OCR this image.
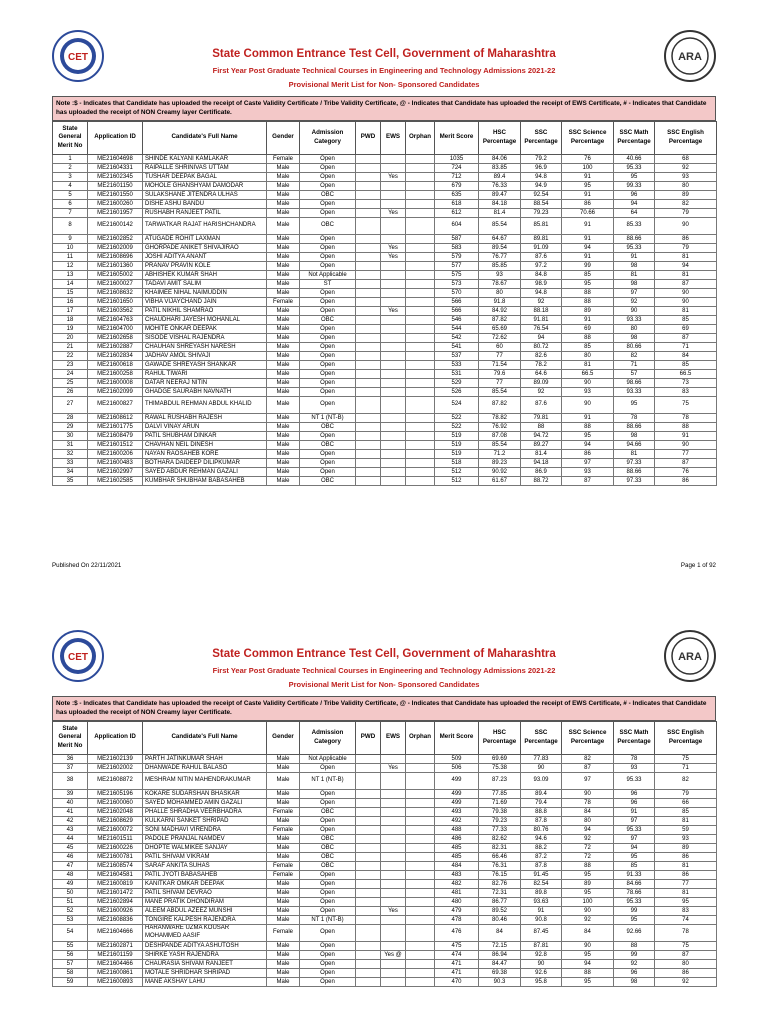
CET	State Common Entrance Test Cell, Government of Maharashtra
First Year Post Graduate Technical Courses in Engineering and Technology Admissions 2021-22
Provisional Merit List for Non- Sponsored Candidates
ARA
Note :$ - Indicates that Candidate has uploaded the receipt of Caste Validity Certificate / Tribe Validity Certificate, @ - Indicates that Candidate has uploaded the receipt of EWS Certificate, # - Indicates that Candidate has uploaded the receipt of NON Creamy layer Certificate.
State General Merit No	Application ID	Candidate's Full Name	Gender	Admission Category	PWD	EWS	Orphan	Merit Score	HSC Percentage	SSC Percentage	SSC Science Percentage	SSC Math Percentage	SSC English Percentage
1	ME21604698	SHINDE KALYANI KAMLAKAR	Female	Open				1035	84.06	79.2	76	40.66	68
2	ME21604331	RAIPALLE SHRINIVAS UTTAM	Male	Open				724	83.85	96.9	100	95.33	92
3	ME21602345	TUSHAR DEEPAK BAGAL	Male	Open		Yes		712	89.4	94.8	91	95	93
4	ME21601150	MOHOLE GHANSHYAM DAMODAR	Male	Open				679	76.33	94.9	95	99.33	80
5	ME21601550	SULAKSHANE JITENDRA ULHAS	Male	OBC				635	89.47	92.54	91	96	89
6	ME21600260	DISHE ASHU BANDU	Male	Open				618	84.18	88.54	86	94	82
7	ME21601957	RUSHABH RANJEET PATIL	Male	Open		Yes		612	81.4	79.23	70.66	64	79
8	ME21600142	TARWATKAR RAJAT HARISHCHANDRA	Male	OBC				604	85.54	85.81	91	85.33	90
9	ME21602852	ATUGADE ROHIT LAXMAN	Male	Open				587	64.67	89.81	91	88.66	86
10	ME21602009	GHORPADE ANIKET SHIVAJIRAO	Male	Open		Yes		583	89.54	91.09	94	95.33	79
11	ME21608696	JOSHI ADITYA ANANT	Male	Open		Yes		579	76.77	87.6	91	91	81
12	ME21601360	PRANAV PRAVIN KOLE	Male	Open				577	85.85	97.2	99	98	94
13	ME21605002	ABHISHEK KUMAR SHAH	Male	Not Applicable				575	93	84.8	85	81	81
14	ME21600027	TADAVI AMIT SALIM	Male	ST				573	78.67	98.9	95	98	87
15	ME21608632	KHAIMEE NIHAL NAIMUDDIN	Male	Open				570	80	94.8	88	97	90
16	ME21601650	VIBHA VIJAYCHAND JAIN	Female	Open				566	91.8	92	88	92	90
17	ME21603562	PATIL NIKHIL SHAMRAO	Male	Open		Yes		566	84.92	88.18	89	90	81
18	ME21604763	CHAUDHARI JAYESH MOHANLAL	Male	OBC				546	87.82	91.81	91	93.33	85
19	ME21604700	MOHITE ONKAR DEEPAK	Male	Open				544	65.69	76.54	69	80	69
20	ME21602658	SISODE VISHAL RAJENDRA	Male	Open				542	72.62	94	88	98	87
21	ME21602887	CHAUHAN SHREYASH NARESH	Male	Open				541	60	80.72	85	80.66	71
22	ME21602834	JADHAV AMOL SHIVAJI	Male	Open				537	77	82.6	80	82	84
23	ME21600618	GAWADE SHREYASH SHANKAR	Male	Open				533	71.54	78.2	81	71	85
24	ME21600258	RAHUL TIWARI	Male	Open				531	79.6	64.6	66.5	57	66.5
25	ME21600008	DATAR NEERAJ NITIN	Male	Open				529	77	89.09	90	98.66	73
26	ME21602099	GHADGE SAURABH NAVNATH	Male	Open				526	85.54	92	93	93.33	83
27	ME21600827	THIMABDUL REHMAN ABDUL KHALID	Male	Open				524	87.82	87.6	90	95	75
28	ME21608612	RAWAL RUSHABH RAJESH	Male	NT 1 (NT-B)				522	78.82	79.81	91	78	78
29	ME21601775	DALVI VINAY ARUN	Male	OBC				522	76.92	88	88	88.66	88
30	ME21608479	PATIL SHUBHAM DINKAR	Male	Open				519	87.08	94.72	95	98	91
31	ME21601512	CHAVHAN NEIL DINESH	Male	OBC				519	85.54	89.27	94	94.66	90
32	ME21600206	NAYAN RAOSAHEB KORE	Male	Open				519	71.2	81.4	86	81	77
33	ME21600483	BOTHARA DAIDEEP DILIPKUMAR	Male	Open				518	89.23	94.18	97	97.33	87
34	ME21602997	SAYED ABDUR REHMAN GAZALI	Male	Open				512	90.92	86.9	93	88.66	76
35	ME21602585	KUMBHAR SHUBHAM BABASAHEB	Male	OBC				512	61.67	88.72	87	97.33	86
Published On 22/11/2021	Page 1 of 92
CET	State Common Entrance Test Cell, Government of Maharashtra
First Year Post Graduate Technical Courses in Engineering and Technology Admissions 2021-22
Provisional Merit List for Non- Sponsored Candidates
ARA
Note :$ - Indicates that Candidate has uploaded the receipt of Caste Validity Certificate / Tribe Validity Certificate, @ - Indicates that Candidate has uploaded the receipt of EWS Certificate, # - Indicates that Candidate has uploaded the receipt of NON Creamy layer Certificate.
State General Merit No	Application ID	Candidate's Full Name	Gender	Admission Category	PWD	EWS	Orphan	Merit Score	HSC Percentage	SSC Percentage	SSC Science Percentage	SSC Math Percentage	SSC English Percentage
36	ME21602139	PARTH JATINKUMAR SHAH	Male	Not Applicable				509	69.69	77.83	82	78	75
37	ME21602002	DHANWADE RAHUL BALASO	Male	Open		Yes		506	75.38	90	87	93	71
38	ME21608872	MESHRAM NITIN MAHENDRAKUMAR	Male	NT 1 (NT-B)				499	87.23	93.09	97	95.33	82
39	ME21605196	KOKARE SUDARSHAN BHASKAR	Male	Open				499	77.85	89.4	90	96	79
40	ME21600060	SAYED MOHAMMED AMIN GAZALI	Male	Open				499	71.69	79.4	78	96	66
41	ME21602048	PHALLE SHRADHA VEERBHADRA	Female	OBC				493	79.38	88.8	84	91	85
42	ME21608629	KULKARNI SANKET SHRIPAD	Male	Open				492	79.23	87.8	80	97	81
43	ME21600072	SONI MADHAVI VIRENDRA	Female	Open				488	77.33	80.76	94	95.33	59
44	ME21601511	PADOLE PRANJAL NAMDEV	Male	OBC				486	82.62	94.6	92	97	93
45	ME21600226	DHOPTE WALMIKEE SANJAY	Male	OBC				485	82.31	88.2	72	94	89
46	ME21600781	PATIL SHIVAM VIKRAM	Male	OBC				485	66.46	87.2	72	95	86
47	ME21608574	SARAF ANKITA SUHAS	Female	OBC				484	76.31	87.8	88	85	81
48	ME21604581	PATIL JYOTI BABASAHEB	Female	Open				483	76.15	91.45	95	91.33	86
49	ME21600819	KANITKAR OMKAR DEEPAK	Male	Open				482	82.76	82.54	89	84.66	77
50	ME21601472	PATIL SHIVAM DEVRAO	Male	Open				481	72.31	89.8	95	78.66	81
51	ME21602894	MANE PRATIK DHONDIRAM	Male	Open				480	86.77	93.63	100	95.33	95
52	ME21600926	ALEEM ABDUL AZEEZ MUNSHI	Male	Open		Yes		479	89.52	91	90	99	83
53	ME21608836	TONGIRE KALPESH RAJENDRA	Male	NT 1 (NT-B)				478	80.46	90.8	92	95	74
54	ME21604666	HARANWARE UZMA KOUSAR MOHAMMED AASIF	Female	Open				476	84	87.45	84	92.66	78
55	ME21602871	DESHPANDE ADITYA ASHUTOSH	Male	Open				475	72.15	87.81	90	88	75
56	ME21601159	SHIRKE YASH RAJENDRA	Male	Open		Yes @		474	86.94	92.8	95	99	87
57	ME21604466	CHAURASIA SHIVAM RANJEET	Male	Open				471	84.47	90	94	92	80
58	ME21600861	MOTALE SHRIDHAR SHRIPAD	Male	Open				471	69.38	92.6	88	96	86
59	ME21600893	MANE AKSHAY LAHU	Male	Open				470	90.3	95.8	95	98	92
